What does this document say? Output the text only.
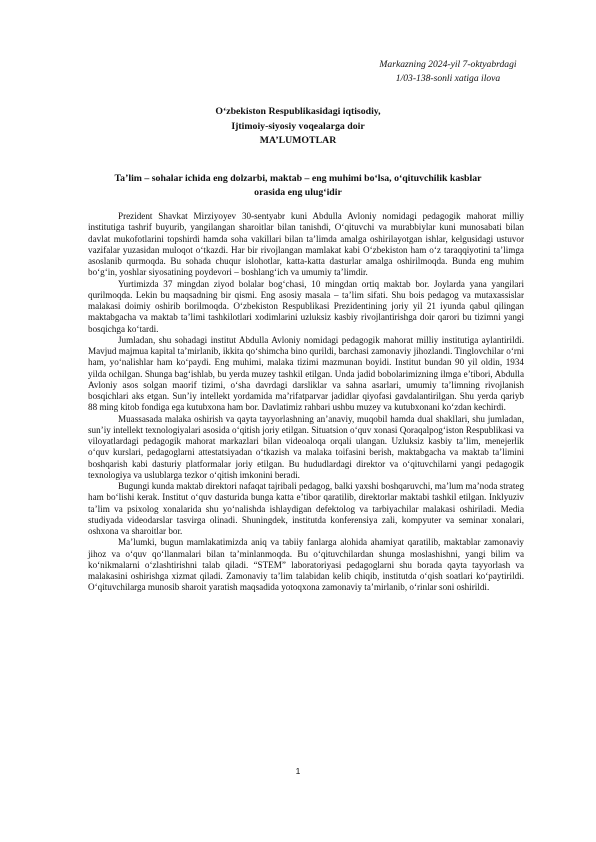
Markazning 2024-yil 7-oktyabrdagi
1/03-138-sonli xatiga ilova
O‘zbekiston Respublikasidagi iqtisodiy,
Ijtimoiy-siyosiy voqealarga doir
MA’LUMOTLAR
Ta’lim – sohalar ichida eng dolzarbi, maktab – eng muhimi bo‘lsa, o‘qituvchilik kasblar
orasida eng ulug‘idir

Prezident Shavkat Mirziyoyev 30-sentyabr kuni Abdulla Avloniy nomidagi pedagogik mahorat milliy institutiga tashrif buyurib, yangilangan sharoitlar bilan tanishdi, O‘qituvchi va murabbiylar kuni munosabati bilan davlat mukofotlarini topshirdi hamda soha vakillari bilan ta’limda amalga oshirilayotgan ishlar, kelgusidagi ustuvor vazifalar yuzasidan muloqot o‘tkazdi. Har bir rivojlangan mamlakat kabi O‘zbekiston ham o‘z taraqqiyotini ta’limga asoslanib qurmoqda. Bu sohada chuqur islohotlar, katta-katta dasturlar amalga oshirilmoqda. Bunda eng muhim bo‘g‘in, yoshlar siyosatining poydevori – boshlang‘ich va umumiy ta’limdir.

Yurtimizda 37 mingdan ziyod bolalar bog‘chasi, 10 mingdan ortiq maktab bor. Joylarda yana yangilari qurilmoqda. Lekin bu maqsadning bir qismi. Eng asosiy masala – ta’lim sifati. Shu bois pedagog va mutaxassislar malakasi doimiy oshirib borilmoqda. O‘zbekiston Respublikasi Prezidentining joriy yil 21 iyunda qabul qilingan maktabgacha va maktab ta’limi tashkilotlari xodimlarini uzluksiz kasbiy rivojlantirishga doir qarori bu tizimni yangi bosqichga ko‘tardi.

Jumladan, shu sohadagi institut Abdulla Avloniy nomidagi pedagogik mahorat milliy institutiga aylantirildi. Mavjud majmua kapital ta’mirlanib, ikkita qo‘shimcha bino qurildi, barchasi zamonaviy jihozlandi. Tinglovchilar o‘rni ham, yo‘nalishlar ham ko‘paydi. Eng muhimi, malaka tizimi mazmunan boyidi. Institut bundan 90 yil oldin, 1934 yilda ochilgan. Shunga bag‘ishlab, bu yerda muzey tashkil etilgan. Unda jadid bobolarimizning ilmga e’tibori, Abdulla Avloniy asos solgan maorif tizimi, o‘sha davrdagi darsliklar va sahna asarlari, umumiy ta’limning rivojlanish bosqichlari aks etgan. Sun’iy intellekt yordamida ma’rifatparvar jadidlar qiyofasi gavdalantirilgan. Shu yerda qariyb 88 ming kitob fondiga ega kutubxona ham bor. Davlatimiz rahbari ushbu muzey va kutubxonani ko‘zdan kechirdi.

Muassasada malaka oshirish va qayta tayyorlashning an’anaviy, muqobil hamda dual shakllari, shu jumladan, sun’iy intellekt texnologiyalari asosida o‘qitish joriy etilgan. Situatsion o‘quv xonasi Qoraqalpog‘iston Respublikasi va viloyatlardagi pedagogik mahorat markazlari bilan videoaloqa orqali ulangan. Uzluksiz kasbiy ta’lim, menejerlik o‘quv kurslari, pedagoglarni attestatsiyadan o‘tkazish va malaka toifasini berish, maktabgacha va maktab ta’limini boshqarish kabi dasturiy platformalar joriy etilgan. Bu hududlardagi direktor va o‘qituvchilarni yangi pedagogik texnologiya va uslublarga tezkor o‘qitish imkonini beradi.

Bugungi kunda maktab direktori nafaqat tajribali pedagog, balki yaxshi boshqaruvchi, ma’lum ma’noda strateg ham bo‘lishi kerak. Institut o‘quv dasturida bunga katta e’tibor qaratilib, direktorlar maktabi tashkil etilgan. Inklyuziv ta’lim va psixolog xonalarida shu yo‘nalishda ishlaydigan defektolog va tarbiyachilar malakasi oshiriladi. Media studiyada videodarslar tasvirga olinadi. Shuningdek, institutda konferensiya zali, kompyuter va seminar xonalari, oshxona va sharoitlar bor.

Ma’lumki, bugun mamlakatimizda aniq va tabiiy fanlarga alohida ahamiyat qaratilib, maktablar zamonaviy jihoz va o‘quv qo‘llanmalari bilan ta’minlanmoqda. Bu o‘qituvchilardan shunga moslashishni, yangi bilim va ko‘nikmalarni o‘zlashtirishni talab qiladi. “STEM” laboratoriyasi pedagoglarni shu borada qayta tayyorlash va malakasini oshirishga xizmat qiladi. Zamonaviy ta’lim talabidan kelib chiqib, institutda o‘qish soatlari ko‘paytirildi. O‘qituvchilarga munosib sharoit yaratish maqsadida yotoqxona zamonaviy ta’mirlanib, o‘rinlar soni oshirildi.

1
